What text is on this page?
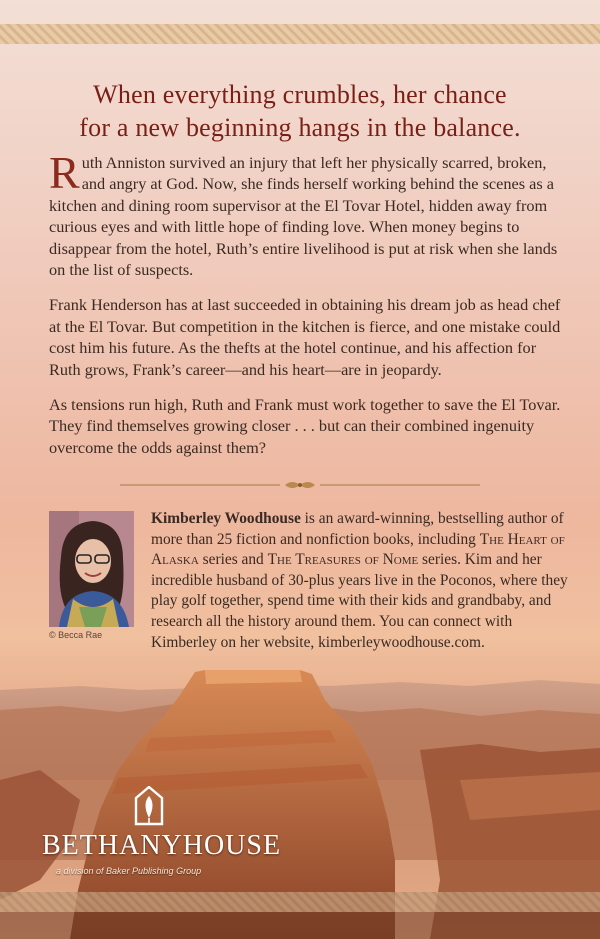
When everything crumbles, her chance
for a new beginning hangs in the balance.

Ruth Anniston survived an injury that left her physically scarred, broken, and angry at God. Now, she finds herself working behind the scenes as a kitchen and dining room supervisor at the El Tovar Hotel, hidden away from curious eyes and with little hope of finding love. When money begins to disappear from the hotel, Ruth’s entire livelihood is put at risk when she lands on the list of suspects.

Frank Henderson has at last succeeded in obtaining his dream job as head chef at the El Tovar. But competition in the kitchen is fierce, and one mistake could cost him his future. As the thefts at the hotel continue, and his affection for Ruth grows, Frank’s career—and his heart—are in jeopardy.

As tensions run high, Ruth and Frank must work together to save the El Tovar. They find themselves growing closer . . . but can their combined ingenuity overcome the odds against them?

© Becca Rae
Kimberley Woodhouse is an award-winning, bestselling author of more than 25 fiction and nonfiction books, including The Heart of Alaska series and The Treasures of Nome series. Kim and her incredible husband of 30-plus years live in the Poconos, where they play golf together, spend time with their kids and grandbaby, and research all the history around them. You can connect with Kimberley on her website, kimberleywoodhouse.com.
BETHANYHOUSE
a division of Baker Publishing Group
